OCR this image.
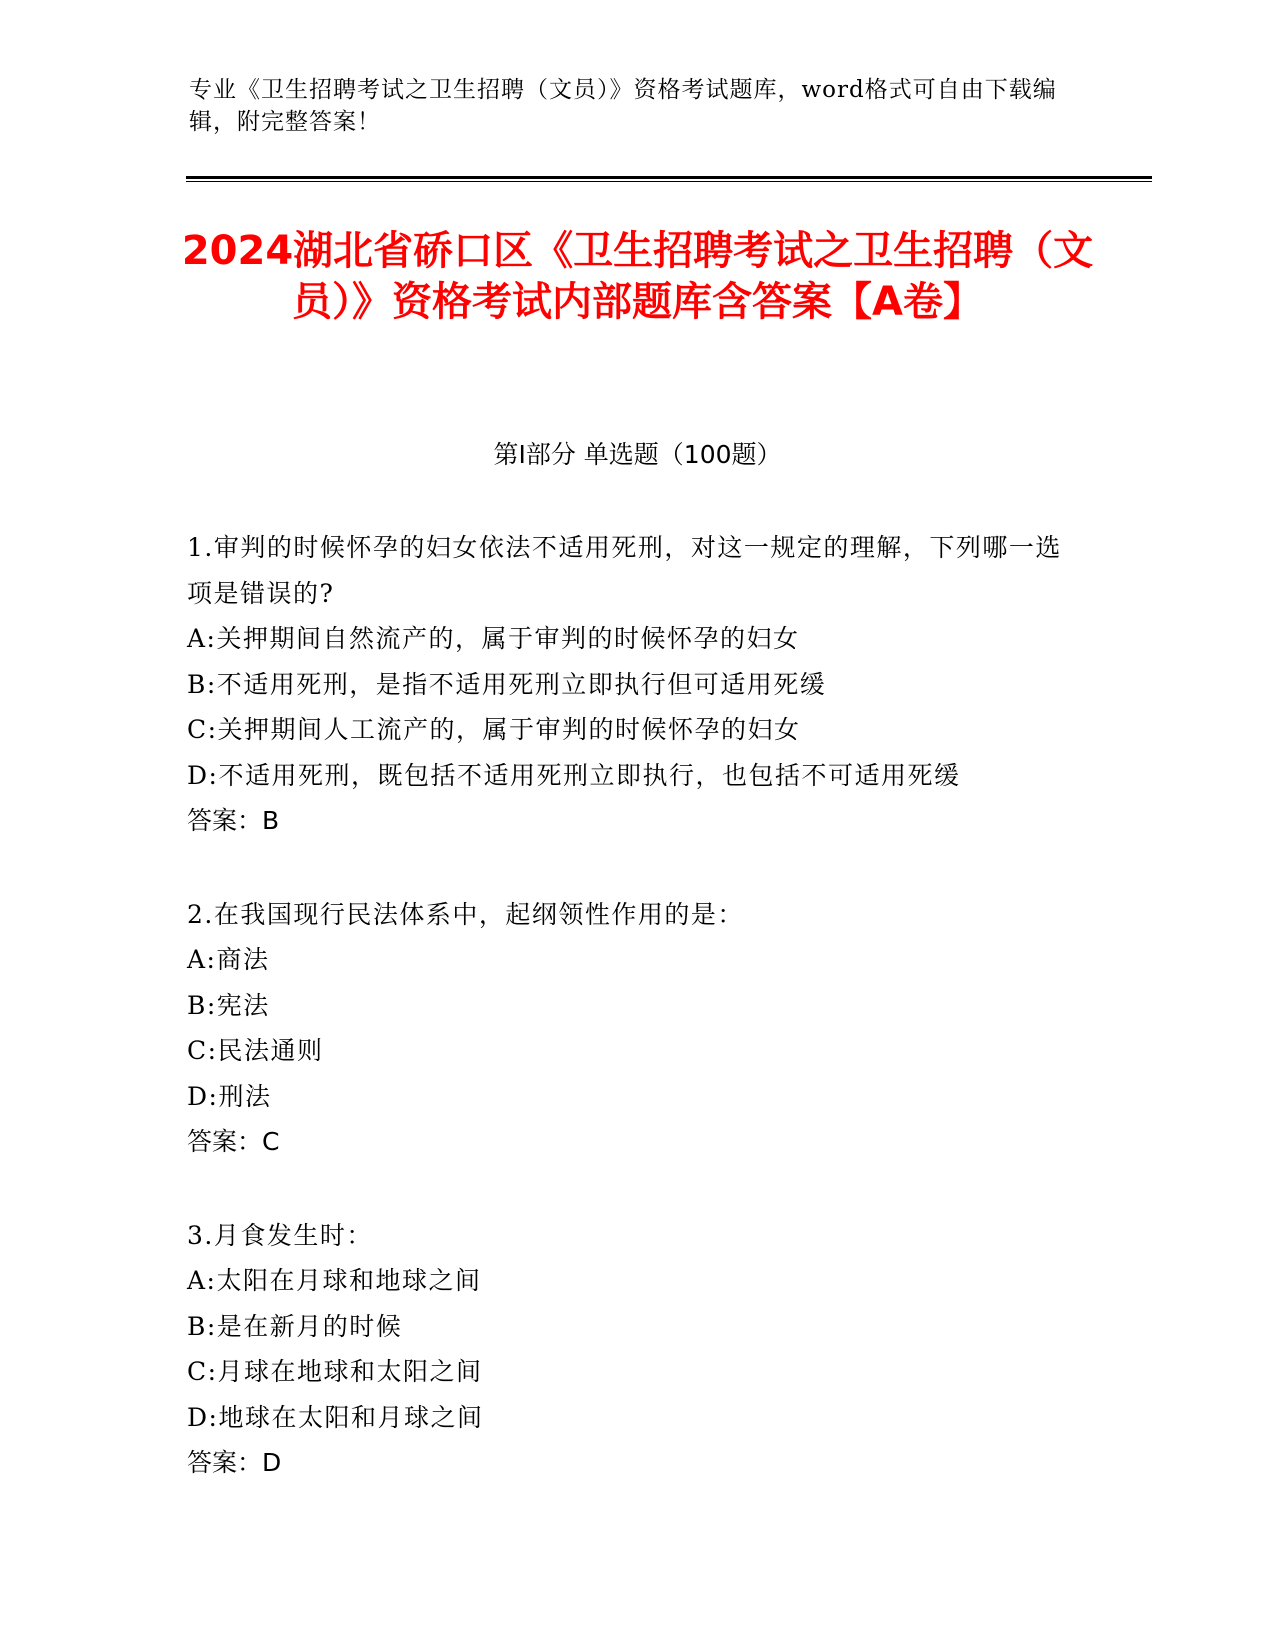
专业《卫生招聘考试之卫生招聘（文员）》资格考试题库，word格式可自由下载编辑，附完整答案！
2024湖北省硚口区《卫生招聘考试之卫生招聘（文员）》资格考试内部题库含答案【A卷】
第I部分 单选题（100题）
1.审判的时候怀孕的妇女依法不适用死刑，对这一规定的理解，下列哪一选项是错误的?
A:关押期间自然流产的，属于审判的时候怀孕的妇女
B:不适用死刑，是指不适用死刑立即执行但可适用死缓
C:关押期间人工流产的，属于审判的时候怀孕的妇女
D:不适用死刑，既包括不适用死刑立即执行，也包括不可适用死缓
答案：B
2.在我国现行民法体系中，起纲领性作用的是：
A:商法
B:宪法
C:民法通则
D:刑法
答案：C
3.月食发生时：
A:太阳在月球和地球之间
B:是在新月的时候
C:月球在地球和太阳之间
D:地球在太阳和月球之间
答案：D
